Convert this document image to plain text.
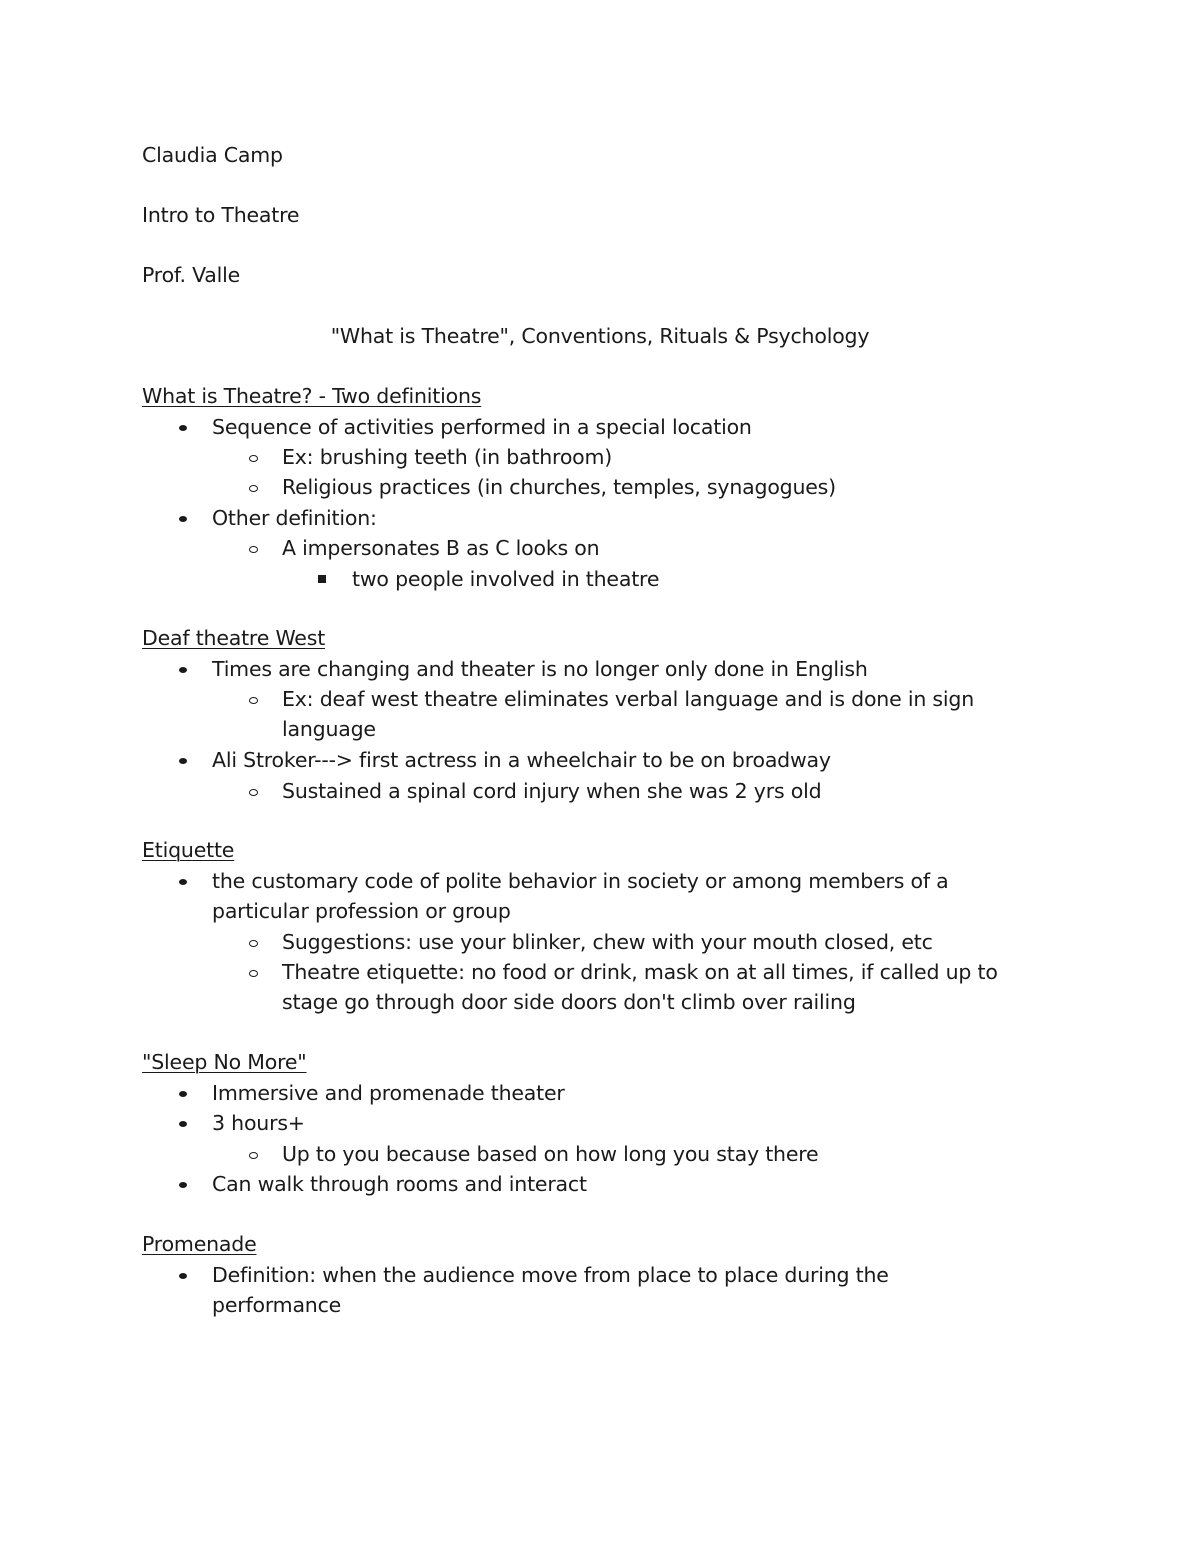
Claudia Camp
Intro to Theatre
Prof. Valle
"What is Theatre", Conventions, Rituals & Psychology
What is Theatre? - Two definitions
Sequence of activities performed in a special location
Ex: brushing teeth (in bathroom)
Religious practices (in churches, temples, synagogues)
Other definition:
A impersonates B as C looks on
two people involved in theatre
Deaf theatre West
Times are changing and theater is no longer only done in English
Ex: deaf west theatre eliminates verbal language and is done in sign
language
Ali Stroker---> first actress in a wheelchair to be on broadway
Sustained a spinal cord injury when she was 2 yrs old
Etiquette
the customary code of polite behavior in society or among members of a
particular profession or group
Suggestions: use your blinker, chew with your mouth closed, etc
Theatre etiquette: no food or drink, mask on at all times, if called up to
stage go through door side doors don't climb over railing
"Sleep No More"
Immersive and promenade theater
3 hours+
Up to you because based on how long you stay there
Can walk through rooms and interact
Promenade
Definition: when the audience move from place to place during the
performance
